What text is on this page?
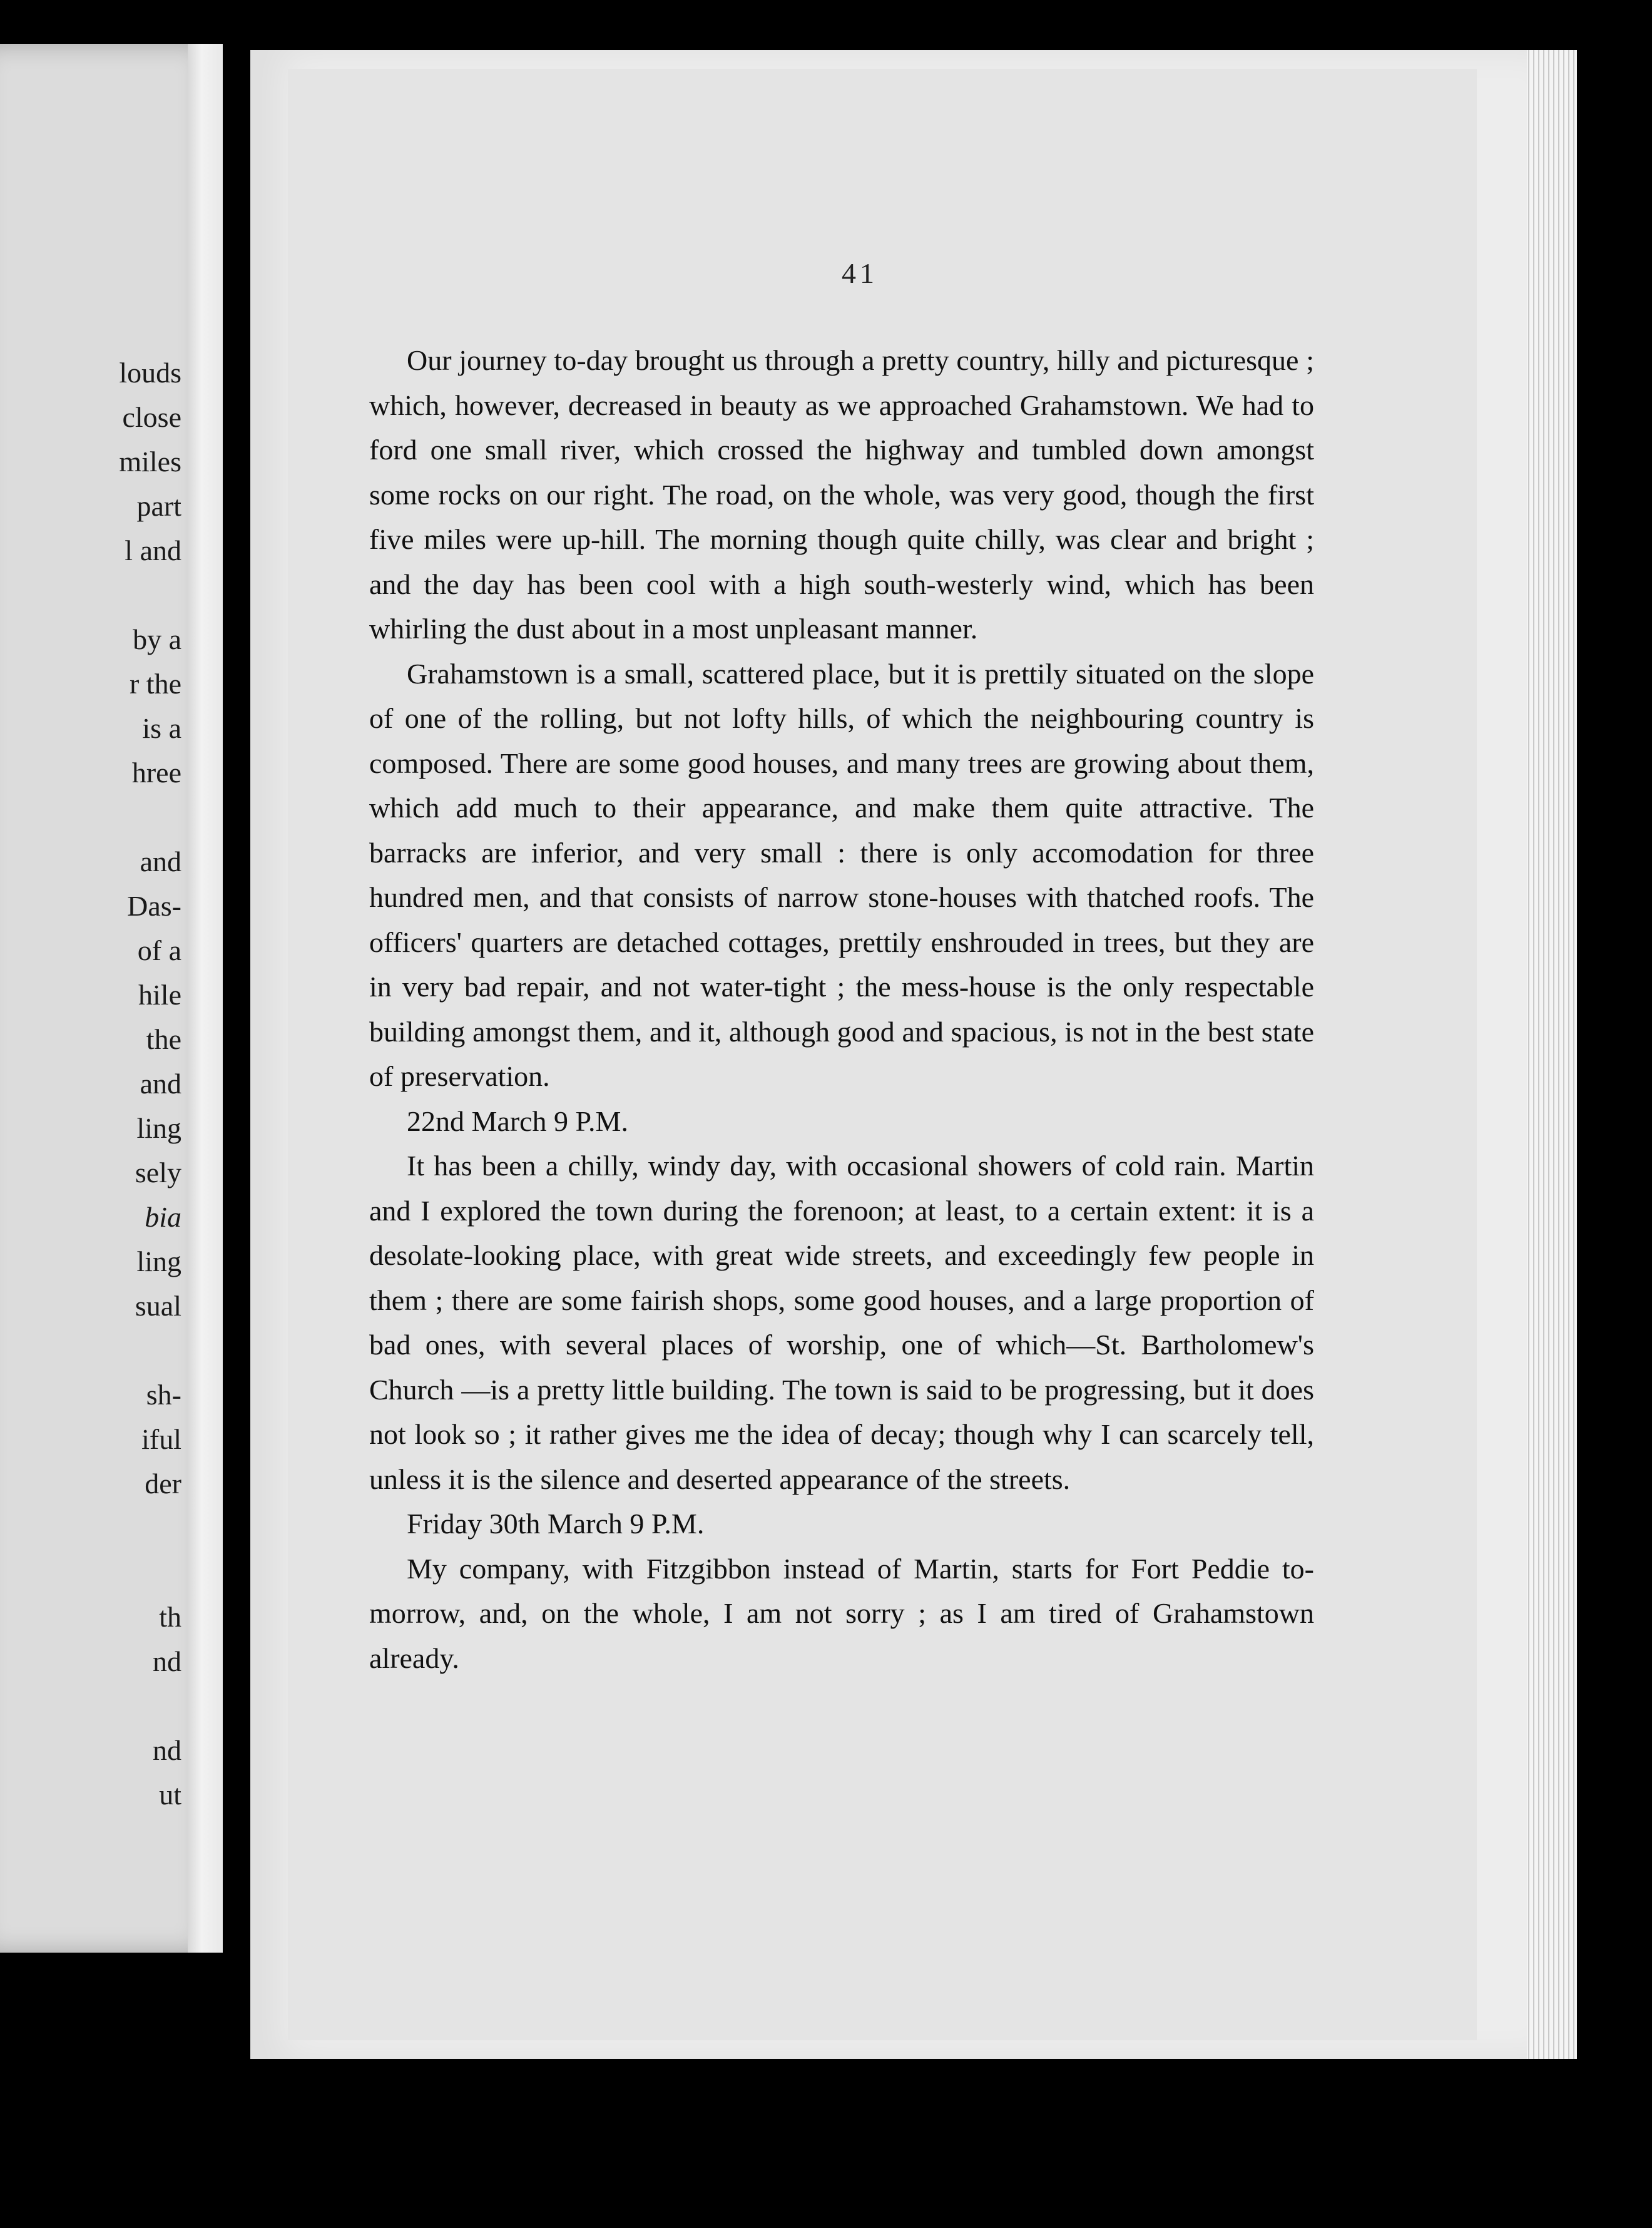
louds
close
miles
part
l and
by a
r the
is a
hree
and
Das-
of a
hile
the
and
ling
sely
bia
ling
sual
sh-
iful
der
th
nd
nd
ut
41

Our journey to-day brought us through a pretty country, hilly and picturesque ; which, however, decreased in beauty as we approached Grahamstown. We had to ford one small river, which crossed the highway and tumbled down amongst some rocks on our right. The road, on the whole, was very good, though the first five miles were up-hill. The morning though quite chilly, was clear and bright ; and the day has been cool with a high south-westerly wind, which has been whirling the dust about in a most unpleasant manner.

Grahamstown is a small, scattered place, but it is prettily situated on the slope of one of the rolling, but not lofty hills, of which the neighbouring country is composed. There are some good houses, and many trees are growing about them, which add much to their appearance, and make them quite attractive. The barracks are inferior, and very small : there is only accomodation for three hundred men, and that consists of narrow stone-houses with thatched roofs. The officers' quarters are detached cottages, prettily enshrouded in trees, but they are in very bad repair, and not water-tight ; the mess-house is the only respectable building amongst them, and it, although good and spacious, is not in the best state of preservation.

22nd March 9 P.M.

It has been a chilly, windy day, with occasional showers of cold rain. Martin and I explored the town during the forenoon; at least, to a certain extent: it is a desolate-looking place, with great wide streets, and exceedingly few people in them ; there are some fairish shops, some good houses, and a large proportion of bad ones, with several places of worship, one of which—St. Bartholomew's Church —is a pretty little building. The town is said to be progressing, but it does not look so ; it rather gives me the idea of decay; though why I can scarcely tell, unless it is the silence and deserted appearance of the streets.

Friday 30th March 9 P.M.

My company, with Fitzgibbon instead of Martin, starts for Fort Peddie to-morrow, and, on the whole, I am not sorry ; as I am tired of Grahamstown already.
